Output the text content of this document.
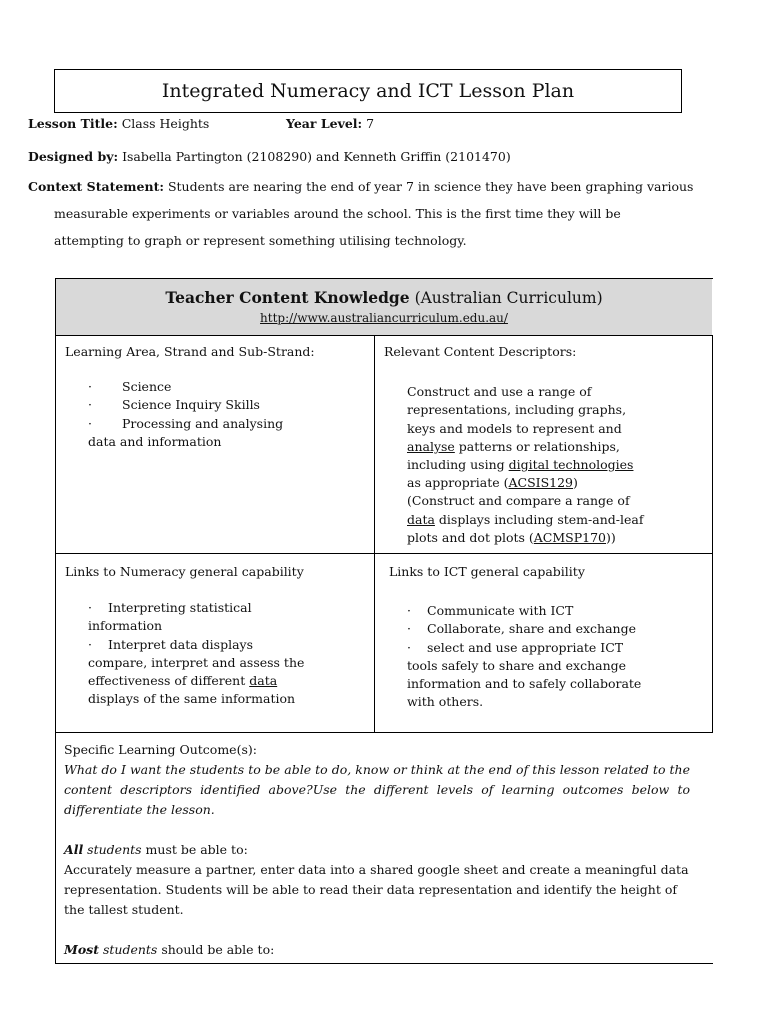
Integrated Numeracy and ICT Lesson Plan
Lesson Title: Class Heights	Year Level: 7
Designed by: Isabella Partington (2108290) and Kenneth Griffin (2101470)
Context Statement: Students are nearing the end of year 7 in science they have been graphing various
measurable experiments or variables around the school. This is the first time they will be
attempting to graph or represent something utilising technology.
Teacher Content Knowledge (Australian Curriculum)
http://www.australiancurriculum.edu.au/
Learning Area, Strand and Sub-Strand:
· Science
· Science Inquiry Skills
· Processing and analysing
data and information
Relevant Content Descriptors:
Construct and use a range of
representations, including graphs,
keys and models to represent and
analyse patterns or relationships,
including using digital technologies
as appropriate (ACSIS129)
(Construct and compare a range of
data displays including stem-and-leaf
plots and dot plots (ACMSP170))
Links to Numeracy general capability
· Interpreting statistical
information
· Interpret data displays
compare, interpret and assess the
effectiveness of different data
displays of the same information
Links to ICT general capability
· Communicate with ICT
· Collaborate, share and exchange
· select and use appropriate ICT
tools safely to share and exchange
information and to safely collaborate
with others.
Specific Learning Outcome(s):
What do I want the students to be able to do, know or think at the end of this lesson related to the content descriptors identified above?Use the different levels of learning outcomes below to differentiate the lesson.
All students must be able to:
Accurately measure a partner, enter data into a shared google sheet and create a meaningful data representation. Students will be able to read their data representation and identify the height of the tallest student.
Most students should be able to:
